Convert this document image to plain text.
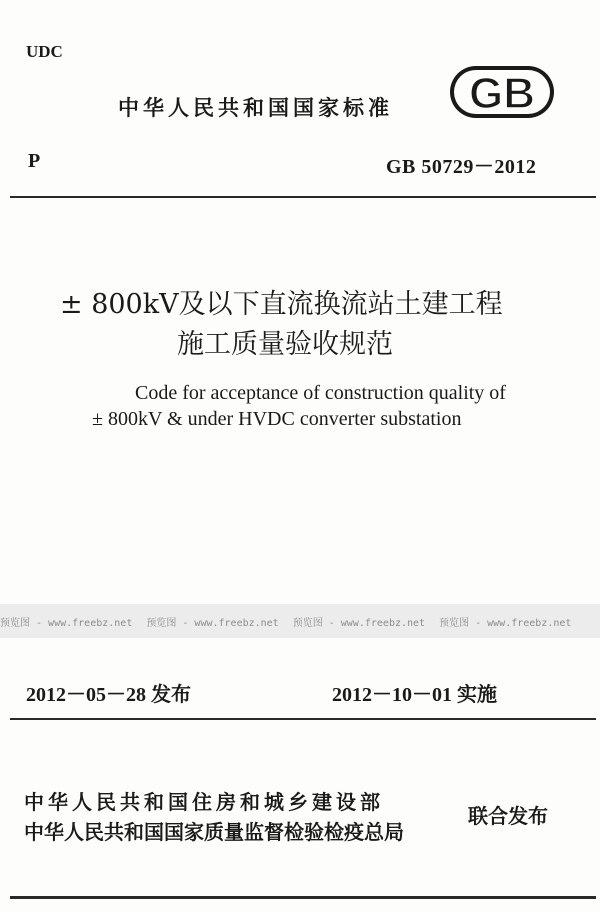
UDC
中华人民共和国国家标准 GB
P	GB 50729－2012
± 800kV及以下直流换流站土建工程
施工质量验收规范
Code for acceptance of construction quality of
± 800kV & under HVDC converter substation
预览图 - www.freebz.net 预览图 - www.freebz.net 预览图 - www.freebz.net 预览图 - www.freebz.net
2012－05－28 发布	2012－10－01 实施
中华人民共和国住房和城乡建设部
中华人民共和国国家质量监督检验检疫总局
联合发布
